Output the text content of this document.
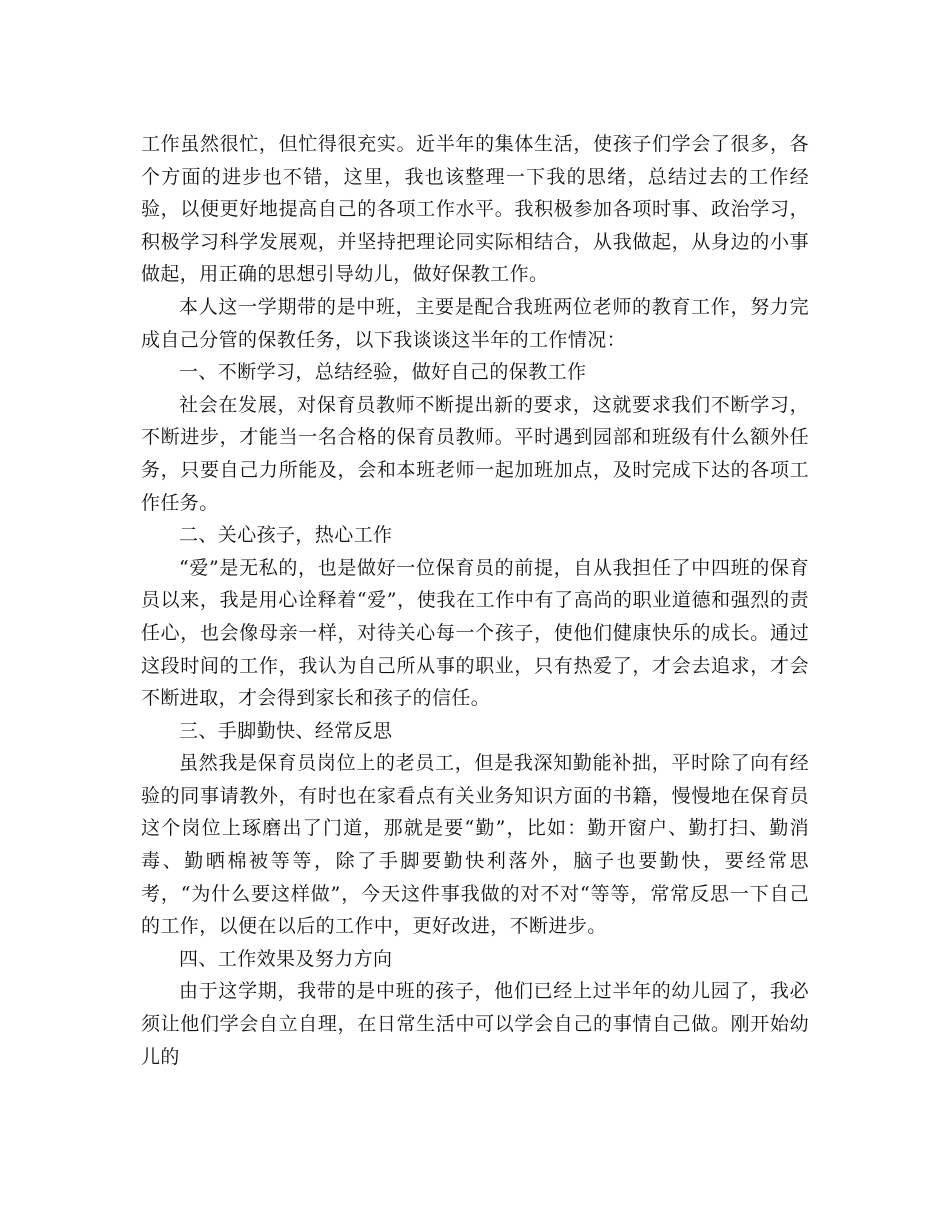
工作虽然很忙，但忙得很充实。近半年的集体生活，使孩子们学会了很多，各个方面的进步也不错，这里，我也该整理一下我的思绪，总结过去的工作经验，以便更好地提高自己的各项工作水平。我积极参加各项时事、政治学习，积极学习科学发展观，并坚持把理论同实际相结合，从我做起，从身边的小事做起，用正确的思想引导幼儿，做好保教工作。

本人这一学期带的是中班，主要是配合我班两位老师的教育工作，努力完成自己分管的保教任务，以下我谈谈这半年的工作情况：

一、不断学习，总结经验，做好自己的保教工作

社会在发展，对保育员教师不断提出新的要求，这就要求我们不断学习，不断进步，才能当一名合格的保育员教师。平时遇到园部和班级有什么额外任务，只要自己力所能及，会和本班老师一起加班加点，及时完成下达的各项工作任务。

二、关心孩子，热心工作

“爱”是无私的，也是做好一位保育员的前提，自从我担任了中四班的保育员以来，我是用心诠释着“爱”，使我在工作中有了高尚的职业道德和强烈的责任心，也会像母亲一样，对待关心每一个孩子，使他们健康快乐的成长。通过这段时间的工作，我认为自己所从事的职业，只有热爱了，才会去追求，才会不断进取，才会得到家长和孩子的信任。

三、手脚勤快、经常反思

虽然我是保育员岗位上的老员工，但是我深知勤能补拙，平时除了向有经验的同事请教外，有时也在家看点有关业务知识方面的书籍，慢慢地在保育员这个岗位上琢磨出了门道，那就是要“勤”，比如：勤开窗户、勤打扫、勤消毒、勤晒棉被等等，除了手脚要勤快利落外，脑子也要勤快，要经常思考，“为什么要这样做”，今天这件事我做的对不对“等等，常常反思一下自己的工作，以便在以后的工作中，更好改进，不断进步。

四、工作效果及努力方向

由于这学期，我带的是中班的孩子，他们已经上过半年的幼儿园了，我必须让他们学会自立自理，在日常生活中可以学会自己的事情自己做。刚开始幼儿的
